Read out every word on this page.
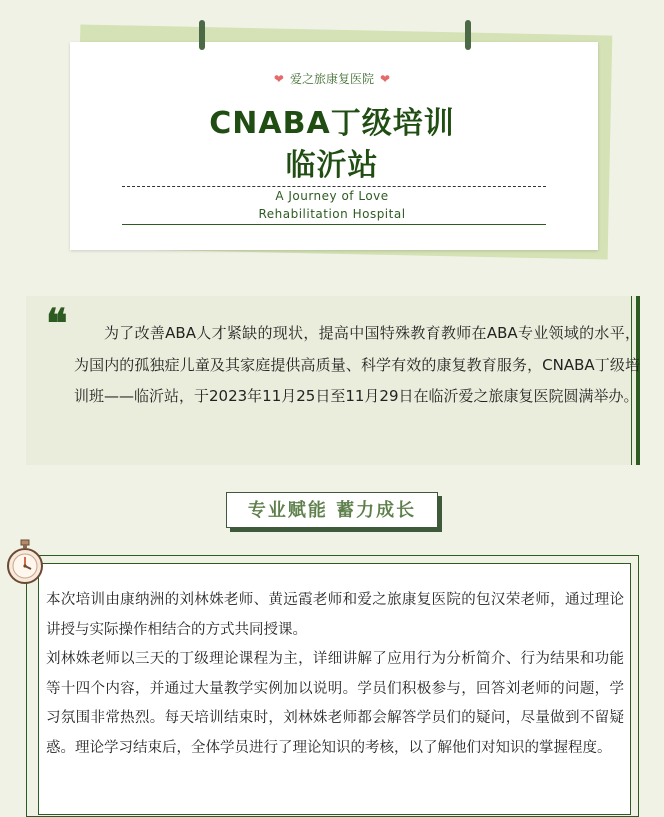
❤ 爱之旅康复医院 ❤
CNABA丁级培训
临沂站
A Journey of Love
Rehabilitation Hospital
❝	为了改善ABA人才紧缺的现状，提高中国特殊教育教师在ABA专业领域的水平，为国内的孤独症儿童及其家庭提供高质量、科学有效的康复教育服务，CNABA丁级培训班——临沂站，于2023年11月25日至11月29日在临沂爱之旅康复医院圆满举办。
专业赋能 蓄力成长

本次培训由康纳洲的刘林姝老师、黄远霞老师和爱之旅康复医院的包汉荣老师，通过理论讲授与实际操作相结合的方式共同授课。

刘林姝老师以三天的丁级理论课程为主，详细讲解了应用行为分析简介、行为结果和功能等十四个内容，并通过大量教学实例加以说明。学员们积极参与，回答刘老师的问题，学习氛围非常热烈。每天培训结束时，刘林姝老师都会解答学员们的疑问，尽量做到不留疑惑。理论学习结束后，全体学员进行了理论知识的考核，以了解他们对知识的掌握程度。
